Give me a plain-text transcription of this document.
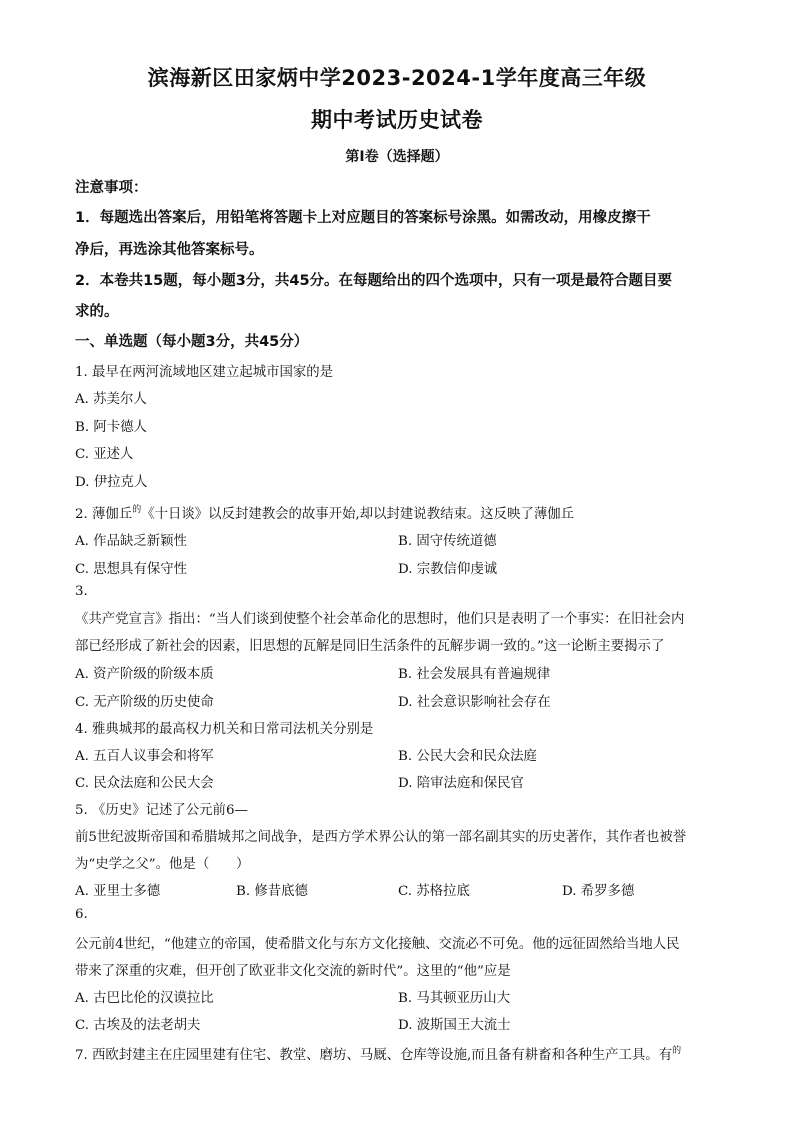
滨海新区田家炳中学2023-2024-1学年度高三年级
期中考试历史试卷
第Ⅰ卷（选择题）
注意事项：
1．每题选出答案后，用铅笔将答题卡上对应题目的答案标号涂黑。如需改动，用橡皮擦干
净后，再选涂其他答案标号。
2．本卷共15题，每小题3分，共45分。在每题给出的四个选项中，只有一项是最符合题目要
求的。
一、单选题（每小题3分，共45分）
1. 最早在两河流域地区建立起城市国家的是
A. 苏美尔人
B. 阿卡德人
C. 亚述人
D. 伊拉克人
2. 薄伽丘$^的$《十日谈》以反封建教会的故事开始,却以封建说教结束。这反映了薄伽丘
A. 作品缺乏新颖性	B. 固守传统道德
C. 思想具有保守性	D. 宗教信仰虔诚
3.
《共产党宣言》指出：“当人们谈到使整个社会革命化的思想时，他们只是表明了一个事实：在旧社会内
部已经形成了新社会的因素，旧思想的瓦解是同旧生活条件的瓦解步调一致的。”这一论断主要揭示了
A. 资产阶级的阶级本质	B. 社会发展具有普遍规律
C. 无产阶级的历史使命	D. 社会意识影响社会存在
4. 雅典城邦的最高权力机关和日常司法机关分别是
A. 五百人议事会和将军	B. 公民大会和民众法庭
C. 民众法庭和公民大会	D. 陪审法庭和保民官
5. 《历史》记述了公元前6—
前5世纪波斯帝国和希腊城邦之间战争，是西方学术界公认的第一部名副其实的历史著作，其作者也被誉
为“史学之父”。他是（　　）
A. 亚里士多德	B. 修昔底德	C. 苏格拉底	D. 希罗多德
6.
公元前4世纪，“他建立的帝国，使希腊文化与东方文化接触、交流必不可免。他的远征固然给当地人民
带来了深重的灾难，但开创了欧亚非文化交流的新时代”。这里的“他”应是
A. 古巴比伦的汉谟拉比	B. 马其顿亚历山大
C. 古埃及的法老胡夫	D. 波斯国王大流士
7. 西欧封建主在庄园里建有住宅、教堂、磨坊、马厩、仓库等设施,而且备有耕畜和各种生产工具。有$^的$
